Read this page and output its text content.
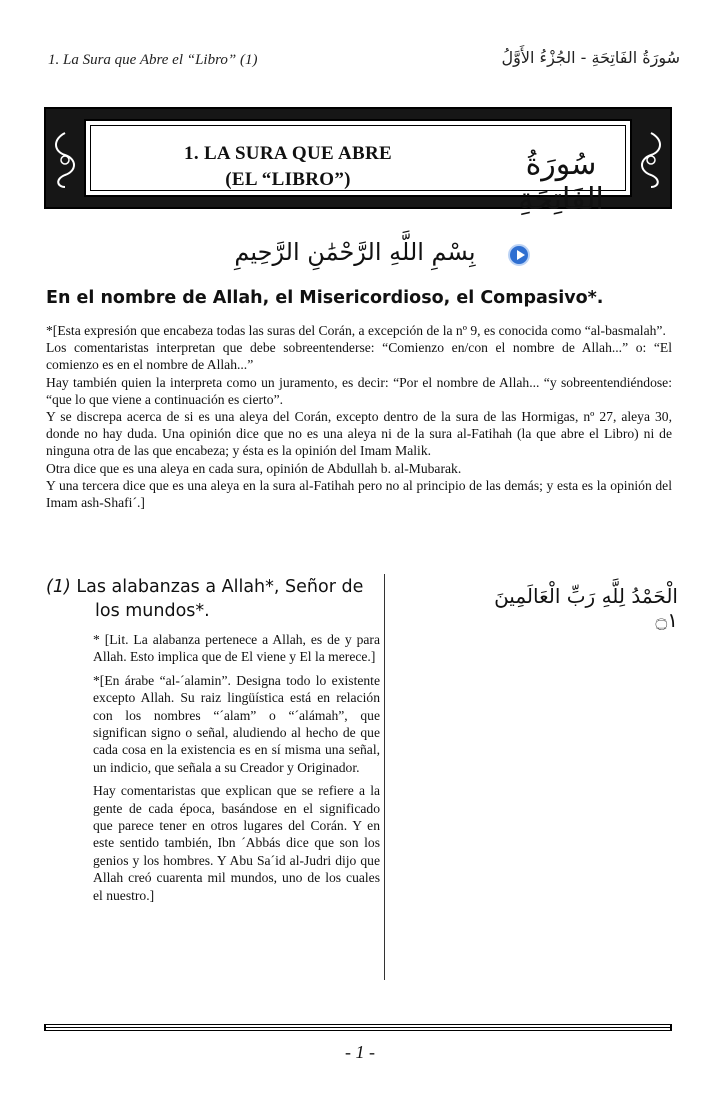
1. La Sura que Abre el “Libro” (1)	سُورَةُ الفَاتِحَةِ - الجُزْءُ الأَوَّلُ
1. LA SURA QUE ABRE
(EL “LIBRO”)	سُورَةُ الفَاتِحَةِ
بِسْمِ اللَّهِ الرَّحْمَٰنِ الرَّحِيمِ
En el nombre de Allah, el Misericordioso, el Compasivo*.

*[Esta expresión que encabeza todas las suras del Corán, a excepción de la nº 9, es conocida como “al-basmalah”.

Los comentaristas interpretan que debe sobreentenderse: “Comienzo en/con el nombre de Allah...” o: “El comienzo es en el nombre de Allah...”

Hay también quien la interpreta como un juramento, es decir: “Por el nombre de Allah... “y sobreentendiéndose: “que lo que viene a continuación es cierto”.

Y se discrepa acerca de si es una aleya del Corán, excepto dentro de la sura de las Hormigas, nº 27, aleya 30, donde no hay duda. Una opinión dice que no es una aleya ni de la sura al-Fatihah (la que abre el Libro) ni de ninguna otra de las que encabeza; y ésta es la opinión del Imam Malik.

Otra dice que es una aleya en cada sura, opinión de Abdullah b. al-Mubarak.

Y una tercera dice que es una aleya en la sura al-Fatihah pero no al principio de las demás; y esta es la opinión del Imam ash-Shafi´.]

(1) Las alabanzas a Allah*, Señor de
los mundos*.

* [Lit. La alabanza pertenece a Allah, es de y para Allah. Esto implica que de El viene y El la merece.]

*[En árabe “al-´alamin”. Designa todo lo existente excepto Allah. Su raiz lingüística está en relación con los nombres “´alam” o “´alámah”, que significan signo o señal, aludiendo al hecho de que cada cosa en la existencia es en sí misma una señal, un indicio, que señala a su Creador y Originador.

Hay comentaristas que explican que se refiere a la gente de cada época, basándose en el significado que parece tener en otros lugares del Corán. Y en este sentido también, Ibn ´Abbás dice que son los genios y los hombres. Y Abu Sa´id al-Judri dijo que Allah creó cuarenta mil mundos, uno de los cuales el nuestro.]

الْحَمْدُ لِلَّهِ رَبِّ الْعَالَمِينَ ۝١
- 1 -
